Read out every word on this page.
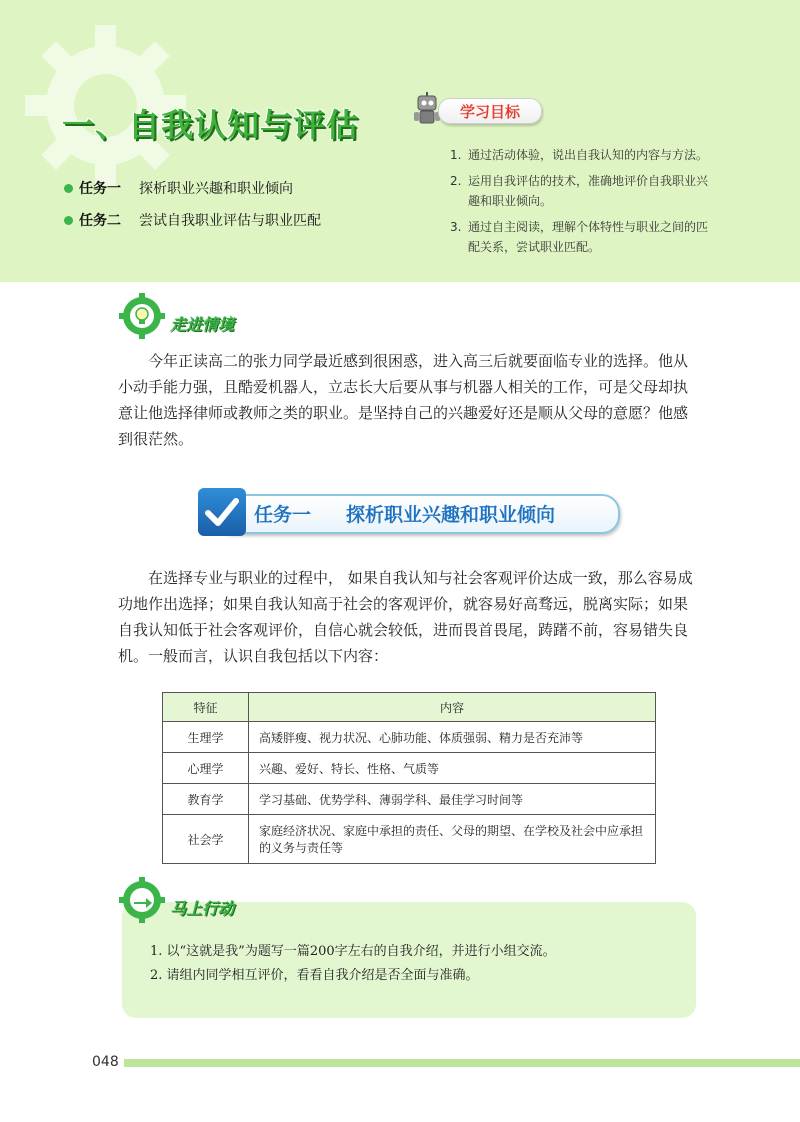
一、自我认知与评估
任务一 探析职业兴趣和职业倾向
任务二 尝试自我职业评估与职业匹配
学习目标
1. 通过活动体验，说出自我认知的内容与方法。
2. 运用自我评估的技术，准确地评价自我职业兴趣和职业倾向。
3. 通过自主阅读，理解个体特性与职业之间的匹配关系，尝试职业匹配。
走进情境

今年正读高二的张力同学最近感到很困惑，进入高三后就要面临专业的选择。他从小动手能力强，且酷爱机器人，立志长大后要从事与机器人相关的工作，可是父母却执意让他选择律师或教师之类的职业。是坚持自己的兴趣爱好还是顺从父母的意愿？他感到很茫然。

任务一 探析职业兴趣和职业倾向

在选择专业与职业的过程中， 如果自我认知与社会客观评价达成一致，那么容易成功地作出选择；如果自我认知高于社会的客观评价，就容易好高骛远，脱离实际；如果自我认知低于社会客观评价，自信心就会较低，进而畏首畏尾，踌躇不前，容易错失良机。一般而言，认识自我包括以下内容：

特征	内容
生理学	高矮胖瘦、视力状况、心肺功能、体质强弱、精力是否充沛等
心理学	兴趣、爱好、特长、性格、气质等
教育学	学习基础、优势学科、薄弱学科、最佳学习时间等
社会学	家庭经济状况、家庭中承担的责任、父母的期望、在学校及社会中应承担的义务与责任等
马上行动
1. 以“这就是我”为题写一篇200字左右的自我介绍，并进行小组交流。
2. 请组内同学相互评价，看看自我介绍是否全面与准确。
048
